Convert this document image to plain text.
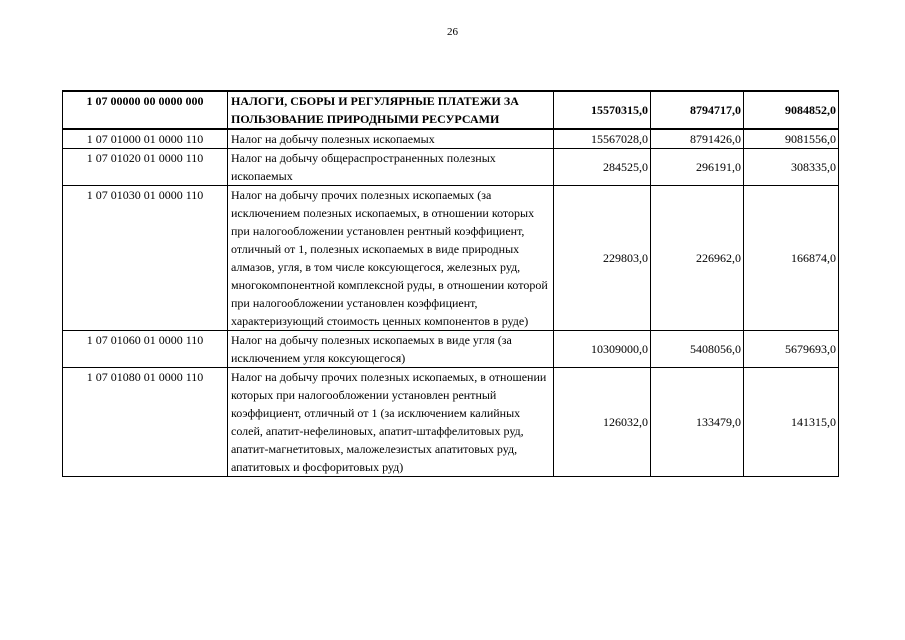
26
1 07 00000 00 0000 000	НАЛОГИ, СБОРЫ И РЕГУЛЯРНЫЕ ПЛАТЕЖИ ЗА ПОЛЬЗОВАНИЕ ПРИРОДНЫМИ РЕСУРСАМИ	15570315,0	8794717,0	9084852,0
1 07 01000 01 0000 110	Налог на добычу полезных ископаемых	15567028,0	8791426,0	9081556,0
1 07 01020 01 0000 110	Налог на добычу общераспространенных полезных ископаемых	284525,0	296191,0	308335,0
1 07 01030 01 0000 110	Налог на добычу прочих полезных ископаемых (за исключением полезных ископаемых, в отношении которых при налогообложении установлен рентный коэффициент, отличный от 1, полезных ископаемых в виде природных алмазов, угля, в том числе коксующегося, железных руд, многокомпонентной комплексной руды, в отношении которой при налогообложении установлен коэффициент, характеризующий стоимость ценных компонентов в руде)	229803,0	226962,0	166874,0
1 07 01060 01 0000 110	Налог на добычу полезных ископаемых в виде угля (за исключением угля коксующегося)	10309000,0	5408056,0	5679693,0
1 07 01080 01 0000 110	Налог на добычу прочих полезных ископаемых, в отношении которых при налогообложении установлен рентный коэффициент, отличный от 1 (за исключением калийных солей, апатит-нефелиновых, апатит-штаффелитовых руд, апатит-магнетитовых, маложелезистых апатитовых руд, апатитовых и фосфоритовых руд)	126032,0	133479,0	141315,0
